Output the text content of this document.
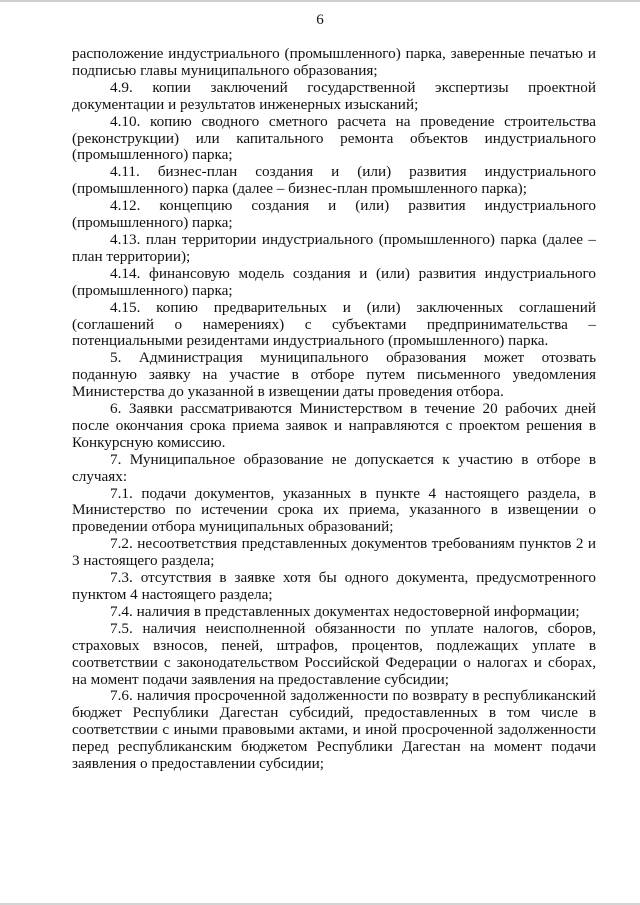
6

расположение индустриального (промышленного) парка, заверенные печатью и подписью главы муниципального образования;

4.9. копии заключений государственной экспертизы проектной документации и результатов инженерных изысканий;

4.10. копию сводного сметного расчета на проведение строительства (реконструкции) или капитального ремонта объектов индустриального (промышленного) парка;

4.11. бизнес-план создания и (или) развития индустриального (промышленного) парка (далее – бизнес-план промышленного парка);

4.12. концепцию создания и (или) развития индустриального (промышленного) парка;

4.13. план территории индустриального (промышленного) парка (далее – план территории);

4.14. финансовую модель создания и (или) развития индустриального (промышленного) парка;

4.15. копию предварительных и (или) заключенных соглашений (соглашений о намерениях) с субъектами предпринимательства – потенциальными резидентами индустриального (промышленного) парка.

5. Администрация муниципального образования может отозвать поданную заявку на участие в отборе путем письменного уведомления Министерства до указанной в извещении даты проведения отбора.

6. Заявки рассматриваются Министерством в течение 20 рабочих дней после окончания срока приема заявок и направляются с проектом решения в Конкурсную комиссию.

7. Муниципальное образование не допускается к участию в отборе в случаях:

7.1. подачи документов, указанных в пункте 4 настоящего раздела, в Министерство по истечении срока их приема, указанного в извещении о проведении отбора муниципальных образований;

7.2. несоответствия представленных документов требованиям пунктов 2 и 3 настоящего раздела;

7.3. отсутствия в заявке хотя бы одного документа, предусмотренного пунктом 4 настоящего раздела;

7.4. наличия в представленных документах недостоверной информации;

7.5. наличия неисполненной обязанности по уплате налогов, сборов, страховых взносов, пеней, штрафов, процентов, подлежащих уплате в соответствии с законодательством Российской Федерации о налогах и сборах, на момент подачи заявления на предоставление субсидии;

7.6. наличия просроченной задолженности по возврату в республиканский бюджет Республики Дагестан субсидий, предоставленных в том числе в соответствии с иными правовыми актами, и иной просроченной задолженности перед республиканским бюджетом Республики Дагестан на момент подачи заявления о предоставлении субсидии;
